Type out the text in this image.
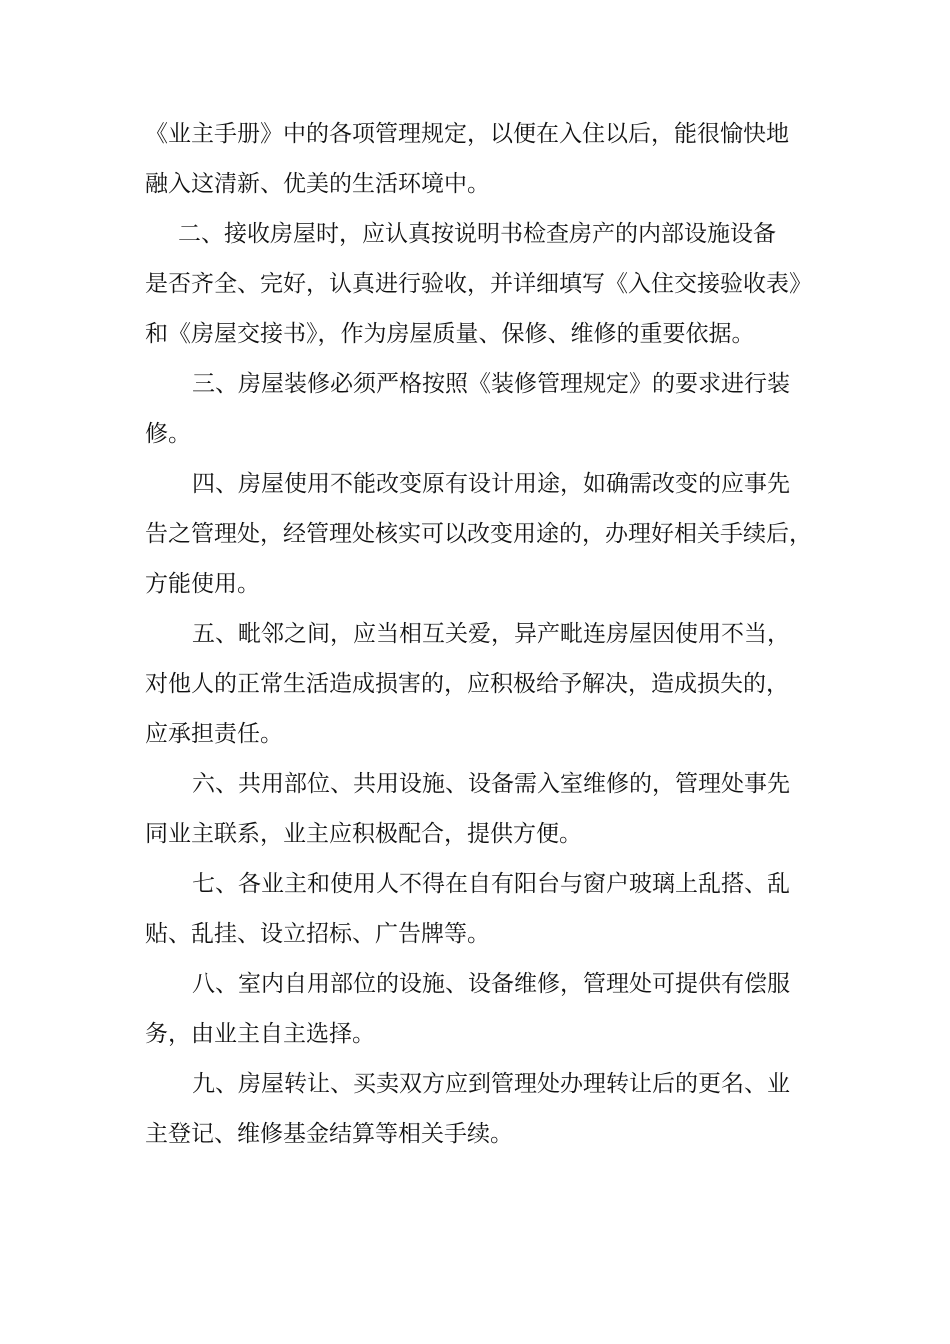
《业主手册》中的各项管理规定，以便在入住以后，能很愉快地
融入这清新、优美的生活环境中。
二、接收房屋时，应认真按说明书检查房产的内部设施设备
是否齐全、完好，认真进行验收，并详细填写《入住交接验收表》
和《房屋交接书》，作为房屋质量、保修、维修的重要依据。
三、房屋装修必须严格按照《装修管理规定》的要求进行装
修。
四、房屋使用不能改变原有设计用途，如确需改变的应事先
告之管理处，经管理处核实可以改变用途的，办理好相关手续后，
方能使用。
五、毗邻之间，应当相互关爱，异产毗连房屋因使用不当，
对他人的正常生活造成损害的，应积极给予解决，造成损失的，
应承担责任。
六、共用部位、共用设施、设备需入室维修的，管理处事先
同业主联系，业主应积极配合，提供方便。
七、各业主和使用人不得在自有阳台与窗户玻璃上乱搭、乱
贴、乱挂、设立招标、广告牌等。
八、室内自用部位的设施、设备维修，管理处可提供有偿服
务，由业主自主选择。
九、房屋转让、买卖双方应到管理处办理转让后的更名、业
主登记、维修基金结算等相关手续。
